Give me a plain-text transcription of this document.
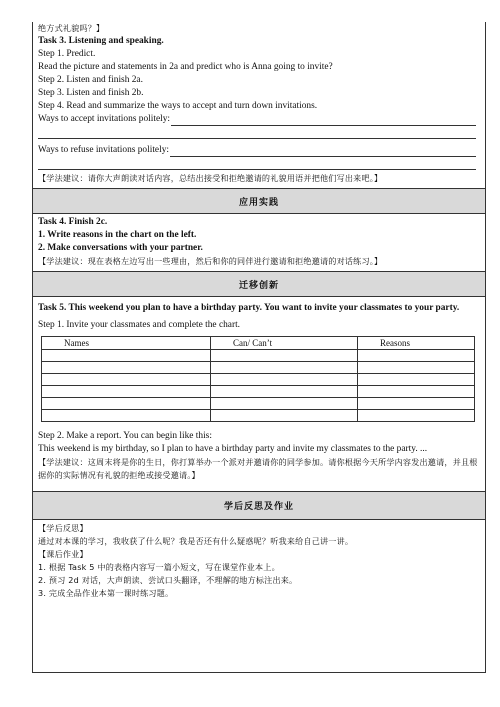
绝方式礼貌吗？】
Task 3. Listening and speaking.
Step 1. Predict.
Read the picture and statements in 2a and predict who is Anna going to invite?
Step 2. Listen and finish 2a.
Step 3. Listen and finish 2b.
Step 4. Read and summarize the ways to accept and turn down invitations.
Ways to accept invitations politely:
Ways to refuse invitations politely:
【学法建议：请你大声朗读对话内容，总结出接受和拒绝邀请的礼貌用语并把他们写出来吧。】
应用实践
Task 4. Finish 2c.
1. Write reasons in the chart on the left.
2. Make conversations with your partner.
【学法建议：现在表格左边写出一些理由，然后和你的同伴进行邀请和拒绝邀请的对话练习。】
迁移创新
Task 5. This weekend you plan to have a birthday party. You want to invite your classmates to your party.
Step 1. Invite your classmates and complete the chart.
Names	Can/ Can’t	Reasons

Step 2. Make a report. You can begin like this:
This weekend is my birthday, so I plan to have a birthday party and invite my classmates to the party. ...
【学法建议：这周末将是你的生日，你打算举办一个派对并邀请你的同学参加。请你根据今天所学内容发出邀请，并且根据你的实际情况有礼貌的拒绝或接受邀请。】
学后反思及作业
【学后反思】
通过对本课的学习，我收获了什么呢？我是否还有什么疑惑呢？听我来给自己讲一讲。
【课后作业】
1. 根据 Task 5 中的表格内容写一篇小短文，写在课堂作业本上。
2. 预习 2d 对话，大声朗读、尝试口头翻译，不理解的地方标注出来。
3. 完成全品作业本第一课时练习题。
